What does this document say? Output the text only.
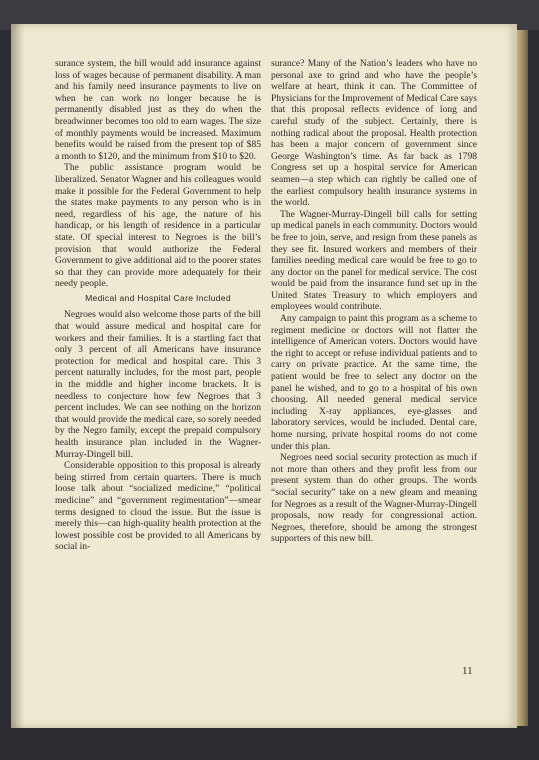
surance system, the bill would add insurance against loss of wages because of permanent disability. A man and his family need insurance payments to live on when he can work no longer because he is permanently disabled just as they do when the breadwinner becomes too old to earn wages. The size of monthly payments would be increased. Maximum benefits would be raised from the present top of $85 a month to $120, and the minimum from $10 to $20.

The public assistance program would be liberalized. Senator Wagner and his colleagues would make it possible for the Federal Government to help the states make payments to any person who is in need, regardless of his age, the nature of his handicap, or his length of residence in a particular state. Of special interest to Negroes is the bill’s provision that would authorize the Federal Government to give additional aid to the poorer states so that they can provide more adequately for their needy people.

Medical and Hospital Care Included

Negroes would also welcome those parts of the bill that would assure medical and hospital care for workers and their families. It is a startling fact that only 3 percent of all Americans have insurance protection for medical and hospital care. This 3 percent naturally includes, for the most part, people in the middle and higher income brackets. It is needless to conjecture how few Negroes that 3 percent includes. We can see nothing on the horizon that would provide the medical care, so sorely needed by the Negro family, except the prepaid compulsory health insurance plan included in the Wagner-Murray-Dingell bill.

Considerable opposition to this proposal is already being stirred from certain quarters. There is much loose talk about “socialized medicine,” “political medicine” and “government regimentation”—smear terms designed to cloud the issue. But the issue is merely this—can high-quality health protection at the lowest possible cost be provided to all Americans by social in-

surance? Many of the Nation’s leaders who have no personal axe to grind and who have the people’s welfare at heart, think it can. The Committee of Physicians for the Improvement of Medical Care says that this proposal reflects evidence of long and careful study of the subject. Certainly, there is nothing radical about the proposal. Health protection has been a major concern of government since George Washington’s time. As far back as 1798 Congress set up a hospital service for American seamen—a step which can rightly be called one of the earliest compulsory health insurance systems in the world.

The Wagner-Murray-Dingell bill calls for setting up medical panels in each community. Doctors would be free to join, serve, and resign from these panels as they see fit. Insured workers and members of their families needing medical care would be free to go to any doctor on the panel for medical service. The cost would be paid from the insurance fund set up in the United States Treasury to which employers and employees would contribute.

Any campaign to paint this program as a scheme to regiment medicine or doctors will not flatter the intelligence of American voters. Doctors would have the right to accept or refuse individual patients and to carry on private practice. At the same time, the patient would be free to select any doctor on the panel he wished, and to go to a hospital of his own choosing. All needed general medical service including X-ray appliances, eye-glasses and laboratory services, would be included. Dental care, home nursing, private hospital rooms do not come under this plan.

Negroes need social security protection as much if not more than others and they profit less from our present system than do other groups. The words “social security” take on a new gleam and meaning for Negroes as a result of the Wagner-Murray-Dingell proposals, now ready for congressional action. Negroes, therefore, should be among the strongest supporters of this new bill.

11
